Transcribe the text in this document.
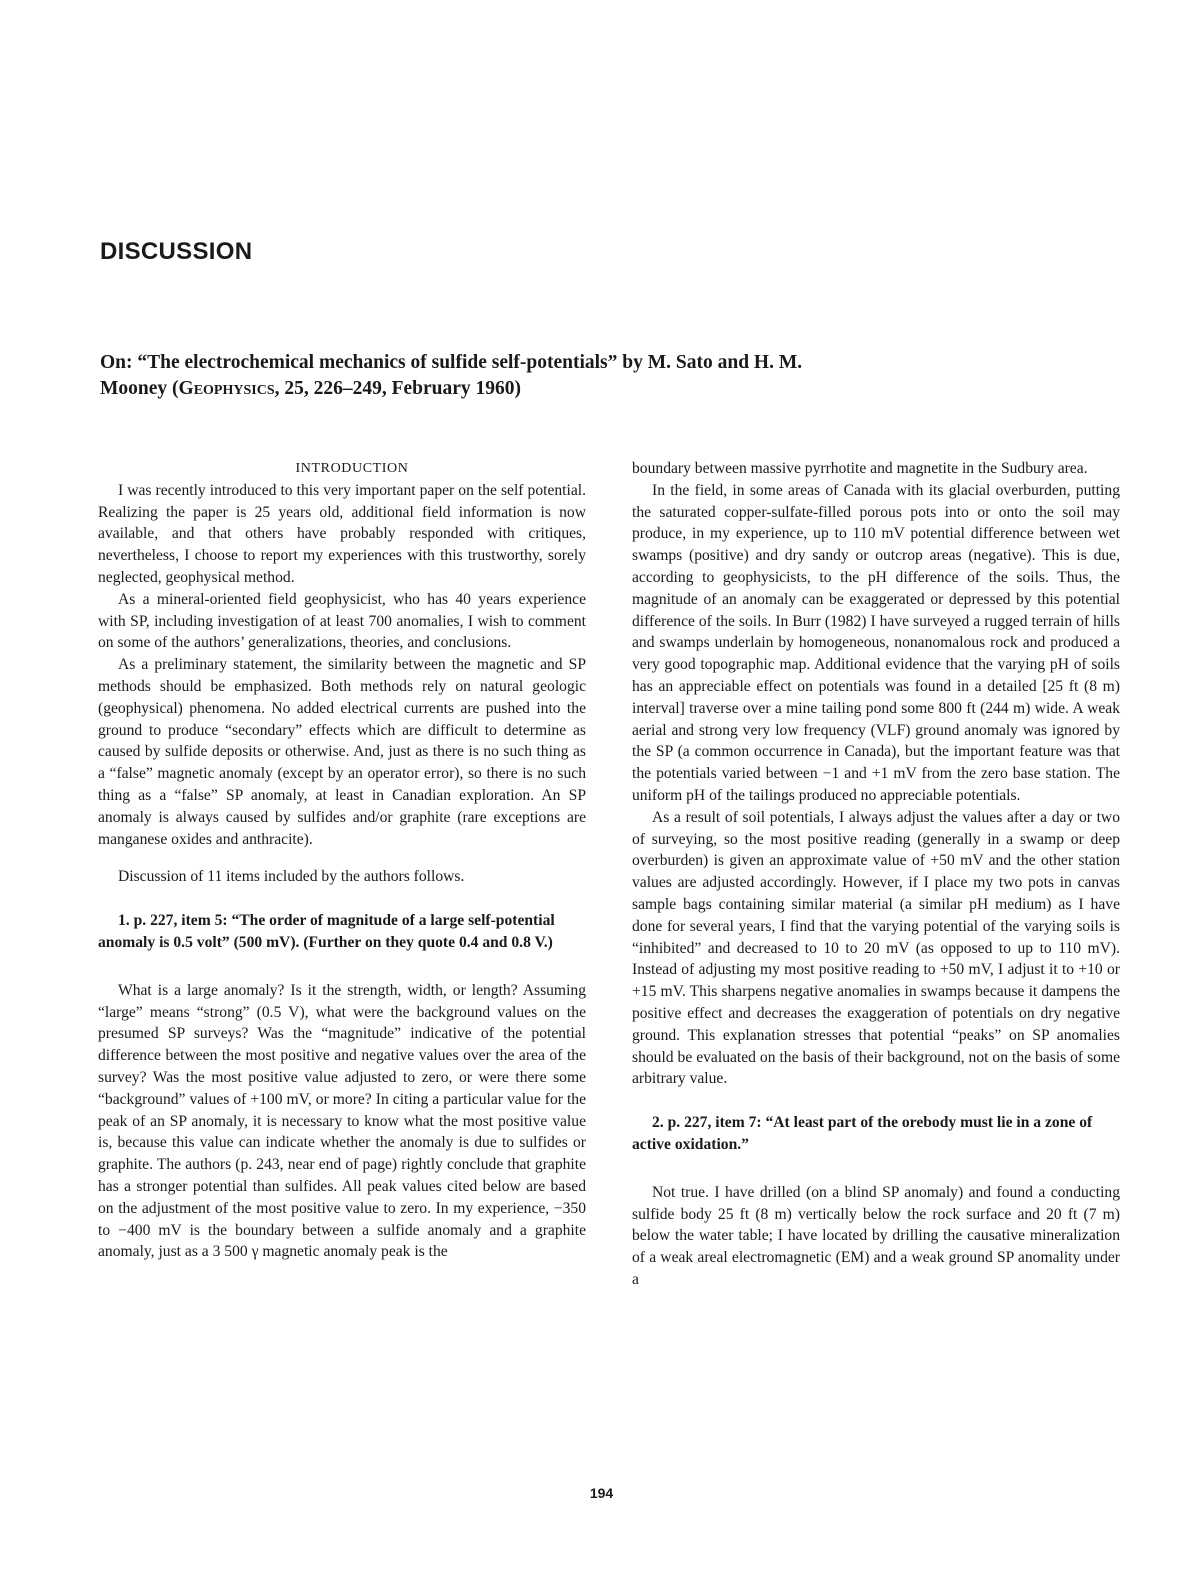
DISCUSSION
On: “The electrochemical mechanics of sulfide self-potentials” by M. Sato and H. M. Mooney (Geophysics, 25, 226–249, February 1960)

INTRODUCTION

I was recently introduced to this very important paper on the self potential. Realizing the paper is 25 years old, additional field information is now available, and that others have probably responded with critiques, nevertheless, I choose to report my experiences with this trustworthy, sorely neglected, geophysical method.

As a mineral-oriented field geophysicist, who has 40 years experience with SP, including investigation of at least 700 anomalies, I wish to comment on some of the authors’ generalizations, theories, and conclusions.

As a preliminary statement, the similarity between the magnetic and SP methods should be emphasized. Both methods rely on natural geologic (geophysical) phenomena. No added electrical currents are pushed into the ground to produce “secondary” effects which are difficult to determine as caused by sulfide deposits or otherwise. And, just as there is no such thing as a “false” magnetic anomaly (except by an operator error), so there is no such thing as a “false” SP anomaly, at least in Canadian exploration. An SP anomaly is always caused by sulfides and/or graphite (rare exceptions are manganese oxides and anthracite).

Discussion of 11 items included by the authors follows.

1. p. 227, item 5: “The order of magnitude of a large self-potential anomaly is 0.5 volt” (500 mV). (Further on they quote 0.4 and 0.8 V.)

What is a large anomaly? Is it the strength, width, or length? Assuming “large” means “strong” (0.5 V), what were the background values on the presumed SP surveys? Was the “magnitude” indicative of the potential difference between the most positive and negative values over the area of the survey? Was the most positive value adjusted to zero, or were there some “background” values of +100 mV, or more? In citing a particular value for the peak of an SP anomaly, it is necessary to know what the most positive value is, because this value can indicate whether the anomaly is due to sulfides or graphite. The authors (p. 243, near end of page) rightly conclude that graphite has a stronger potential than sulfides. All peak values cited below are based on the adjustment of the most positive value to zero. In my experience, −350 to −400 mV is the boundary between a sulfide anomaly and a graphite anomaly, just as a 3 500 γ magnetic anomaly peak is the

boundary between massive pyrrhotite and magnetite in the Sudbury area.

In the field, in some areas of Canada with its glacial overburden, putting the saturated copper-sulfate-filled porous pots into or onto the soil may produce, in my experience, up to 110 mV potential difference between wet swamps (positive) and dry sandy or outcrop areas (negative). This is due, according to geophysicists, to the pH difference of the soils. Thus, the magnitude of an anomaly can be exaggerated or depressed by this potential difference of the soils. In Burr (1982) I have surveyed a rugged terrain of hills and swamps underlain by homogeneous, nonanomalous rock and produced a very good topographic map. Additional evidence that the varying pH of soils has an appreciable effect on potentials was found in a detailed [25 ft (8 m) interval] traverse over a mine tailing pond some 800 ft (244 m) wide. A weak aerial and strong very low frequency (VLF) ground anomaly was ignored by the SP (a common occurrence in Canada), but the important feature was that the potentials varied between −1 and +1 mV from the zero base station. The uniform pH of the tailings produced no appreciable potentials.

As a result of soil potentials, I always adjust the values after a day or two of surveying, so the most positive reading (generally in a swamp or deep overburden) is given an approximate value of +50 mV and the other station values are adjusted accordingly. However, if I place my two pots in canvas sample bags containing similar material (a similar pH medium) as I have done for several years, I find that the varying potential of the varying soils is “inhibited” and decreased to 10 to 20 mV (as opposed to up to 110 mV). Instead of adjusting my most positive reading to +50 mV, I adjust it to +10 or +15 mV. This sharpens negative anomalies in swamps because it dampens the positive effect and decreases the exaggeration of potentials on dry negative ground. This explanation stresses that potential “peaks” on SP anomalies should be evaluated on the basis of their background, not on the basis of some arbitrary value.

2. p. 227, item 7: “At least part of the orebody must lie in a zone of active oxidation.”

Not true. I have drilled (on a blind SP anomaly) and found a conducting sulfide body 25 ft (8 m) vertically below the rock surface and 20 ft (7 m) below the water table; I have located by drilling the causative mineralization of a weak areal electromagnetic (EM) and a weak ground SP anomality under a

194
